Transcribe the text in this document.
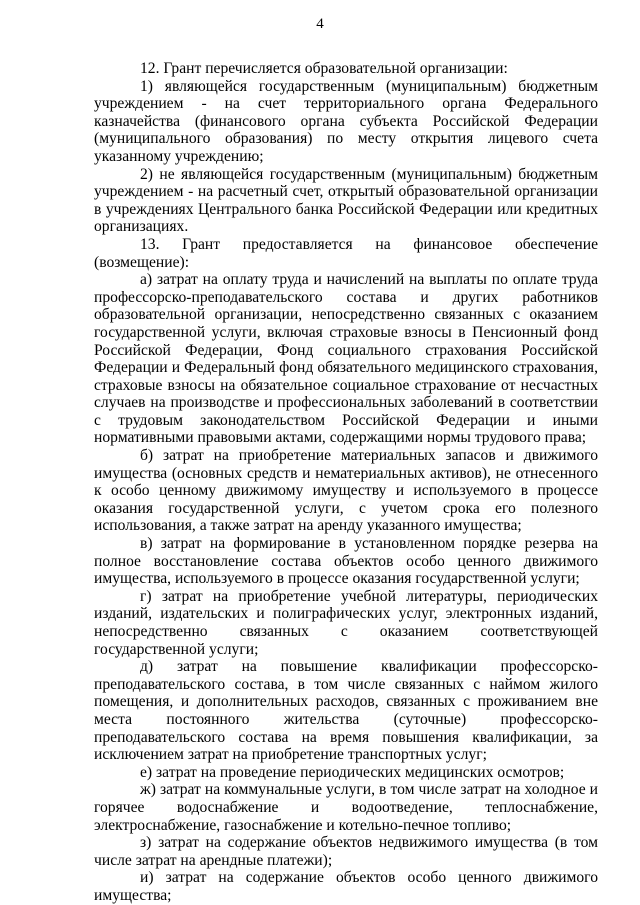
4

12. Грант перечисляется образовательной организации:

1) являющейся государственным (муниципальным) бюджетным учреждением - на счет территориального органа Федерального казначейства (финансового органа субъекта Российской Федерации (муниципального образования) по месту открытия лицевого счета указанному учреждению;

2) не являющейся государственным (муниципальным) бюджетным учреждением - на расчетный счет, открытый образовательной организации в учреждениях Центрального банка Российской Федерации или кредитных организациях.

13. Грант предоставляется на финансовое обеспечение (возмещение):

а) затрат на оплату труда и начислений на выплаты по оплате труда профессорско-преподавательского состава и других работников образовательной организации, непосредственно связанных с оказанием государственной услуги, включая страховые взносы в Пенсионный фонд Российской Федерации, Фонд социального страхования Российской Федерации и Федеральный фонд обязательного медицинского страхования, страховые взносы на обязательное социальное страхование от несчастных случаев на производстве и профессиональных заболеваний в соответствии с трудовым законодательством Российской Федерации и иными нормативными правовыми актами, содержащими нормы трудового права;

б) затрат на приобретение материальных запасов и движимого имущества (основных средств и нематериальных активов), не отнесенного к особо ценному движимому имуществу и используемого в процессе оказания государственной услуги, с учетом срока его полезного использования, а также затрат на аренду указанного имущества;

в) затрат на формирование в установленном порядке резерва на полное восстановление состава объектов особо ценного движимого имущества, используемого в процессе оказания государственной услуги;

г) затрат на приобретение учебной литературы, периодических изданий, издательских и полиграфических услуг, электронных изданий, непосредственно связанных с оказанием соответствующей государственной услуги;

д) затрат на повышение квалификации профессорско-преподавательского состава, в том числе связанных с наймом жилого помещения, и дополнительных расходов, связанных с проживанием вне места постоянного жительства (суточные) профессорско-преподавательского состава на время повышения квалификации, за исключением затрат на приобретение транспортных услуг;

е) затрат на проведение периодических медицинских осмотров;

ж) затрат на коммунальные услуги, в том числе затрат на холодное и горячее водоснабжение и водоотведение, теплоснабжение, электроснабжение, газоснабжение и котельно-печное топливо;

з) затрат на содержание объектов недвижимого имущества (в том числе затрат на арендные платежи);

и) затрат на содержание объектов особо ценного движимого имущества;
